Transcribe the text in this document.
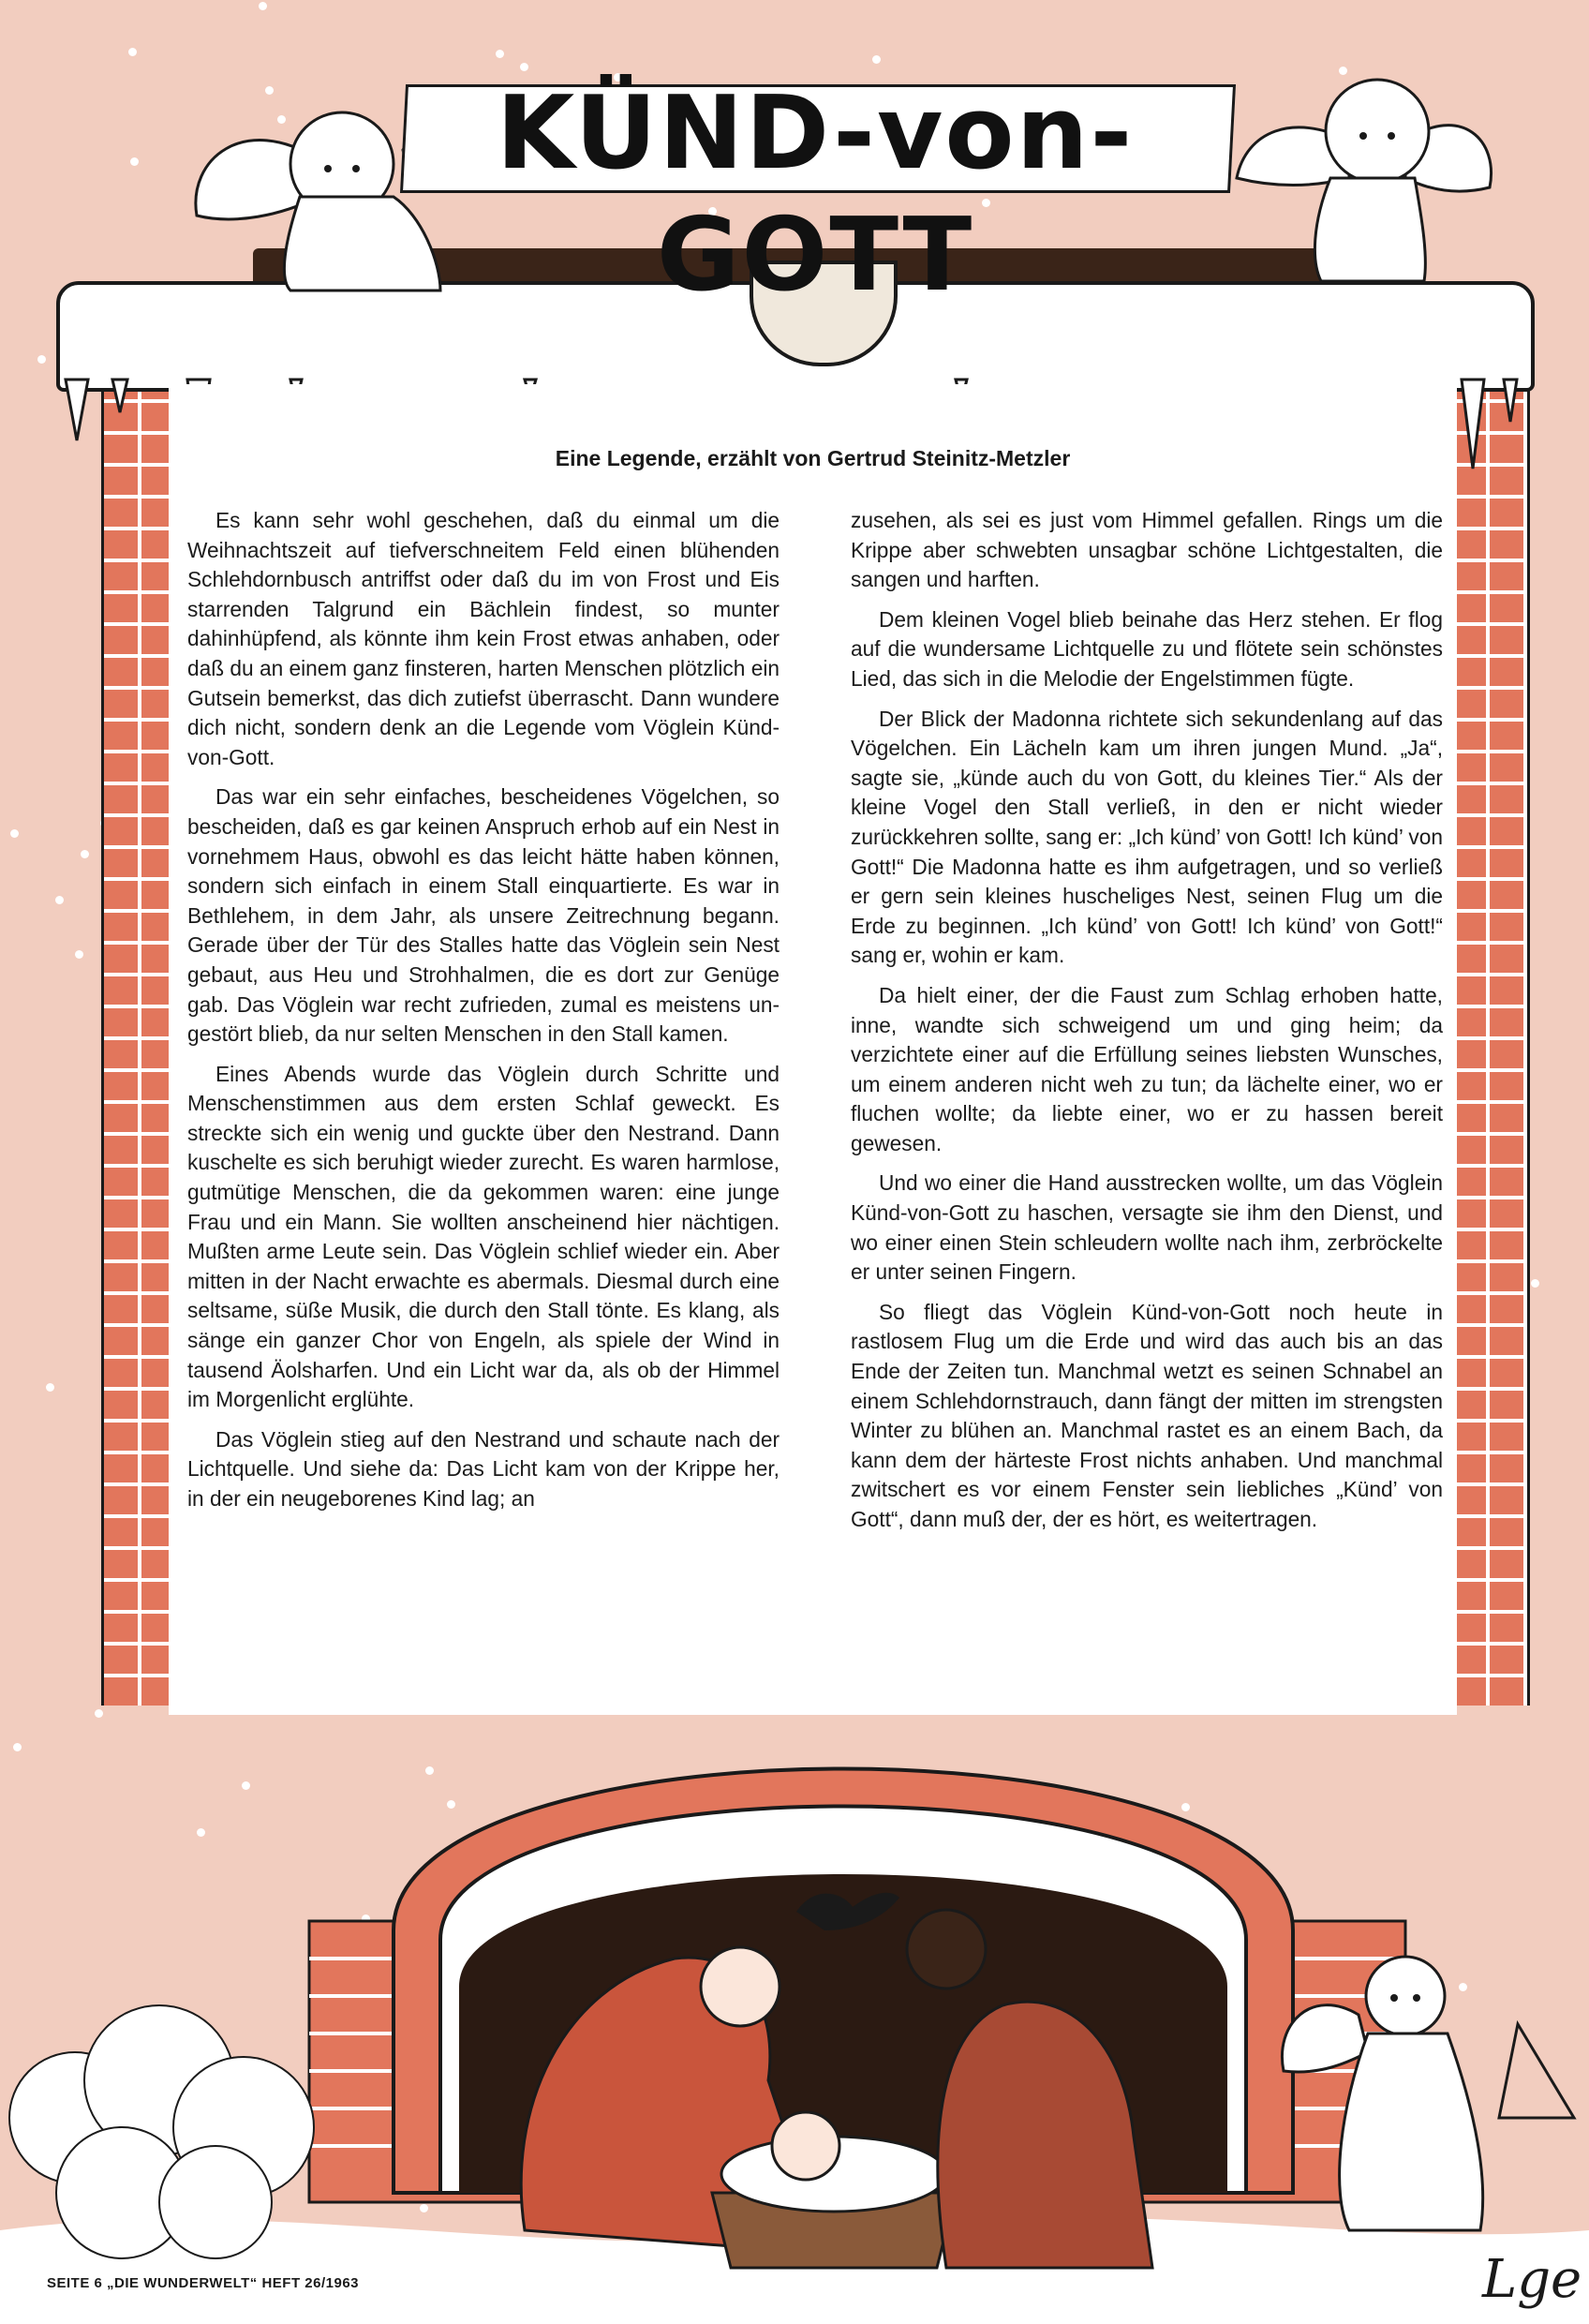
KÜND-von-GOTT
Eine Legende, erzählt von Gertrud Steinitz-Metzler

Es kann sehr wohl geschehen, daß du einmal um die Weihnachtszeit auf tiefverschneitem Feld einen blühenden Schlehdornbusch antriffst oder daß du im von Frost und Eis starrenden Talgrund ein Bächlein findest, so munter dahinhüpfend, als könnte ihm kein Frost etwas anhaben, oder daß du an einem ganz finsteren, harten Menschen plötzlich ein Gutsein bemerkst, das dich zutiefst überrascht. Dann wundere dich nicht, sondern denk an die Legende vom Vöglein Künd-von-Gott.

Das war ein sehr einfaches, bescheidenes Vögelchen, so bescheiden, daß es gar keinen Anspruch erhob auf ein Nest in vornehmem Haus, obwohl es das leicht hätte haben können, sondern sich einfach in einem Stall einquartierte. Es war in Bethlehem, in dem Jahr, als unsere Zeitrechnung begann. Gerade über der Tür des Stalles hatte das Vöglein sein Nest gebaut, aus Heu und Strohhalmen, die es dort zur Genüge gab. Das Vöglein war recht zufrieden, zumal es meistens ungestört blieb, da nur selten Menschen in den Stall kamen.

Eines Abends wurde das Vöglein durch Schritte und Menschenstimmen aus dem ersten Schlaf geweckt. Es streckte sich ein wenig und guckte über den Nestrand. Dann kuschelte es sich beruhigt wieder zurecht. Es waren harmlose, gutmütige Menschen, die da gekommen waren: eine junge Frau und ein Mann. Sie wollten anscheinend hier nächtigen. Mußten arme Leute sein. Das Vöglein schlief wieder ein. Aber mitten in der Nacht erwachte es abermals. Diesmal durch eine seltsame, süße Musik, die durch den Stall tönte. Es klang, als sänge ein ganzer Chor von Engeln, als spiele der Wind in tausend Äolsharfen. Und ein Licht war da, als ob der Himmel im Morgenlicht erglühte.

Das Vöglein stieg auf den Nestrand und schaute nach der Lichtquelle. Und siehe da: Das Licht kam von der Krippe her, in der ein neugeborenes Kind lag; an

zusehen, als sei es just vom Himmel gefallen. Rings um die Krippe aber schwebten unsagbar schöne Lichtgestalten, die sangen und harften.

Dem kleinen Vogel blieb beinahe das Herz stehen. Er flog auf die wundersame Lichtquelle zu und flötete sein schönstes Lied, das sich in die Melodie der Engelstimmen fügte.

Der Blick der Madonna richtete sich sekundenlang auf das Vögelchen. Ein Lächeln kam um ihren jungen Mund. „Ja“, sagte sie, „künde auch du von Gott, du kleines Tier.“ Als der kleine Vogel den Stall verließ, in den er nicht wieder zurückkehren sollte, sang er: „Ich künd’ von Gott! Ich künd’ von Gott!“ Die Madonna hatte es ihm aufgetragen, und so verließ er gern sein kleines huscheliges Nest, seinen Flug um die Erde zu beginnen. „Ich künd’ von Gott! Ich künd’ von Gott!“ sang er, wohin er kam.

Da hielt einer, der die Faust zum Schlag erhoben hatte, inne, wandte sich schweigend um und ging heim; da verzichtete einer auf die Erfüllung seines liebsten Wunsches, um einem anderen nicht weh zu tun; da lächelte einer, wo er fluchen wollte; da liebte einer, wo er zu hassen bereit gewesen.

Und wo einer die Hand ausstrecken wollte, um das Vöglein Künd-von-Gott zu haschen, versagte sie ihm den Dienst, und wo einer einen Stein schleudern wollte nach ihm, zerbröckelte er unter seinen Fingern.

So fliegt das Vöglein Künd-von-Gott noch heute in rastlosem Flug um die Erde und wird das auch bis an das Ende der Zeiten tun. Manchmal wetzt es seinen Schnabel an einem Schlehdornstrauch, dann fängt der mitten im strengsten Winter zu blühen an. Manchmal rastet es an einem Bach, da kann dem der härteste Frost nichts anhaben. Und manchmal zwitschert es vor einem Fenster sein liebliches „Künd’ von Gott“, dann muß der, der es hört, es weitertragen.

SEITE 6 „DIE WUNDERWELT“ HEFT 26/1963	Lge
